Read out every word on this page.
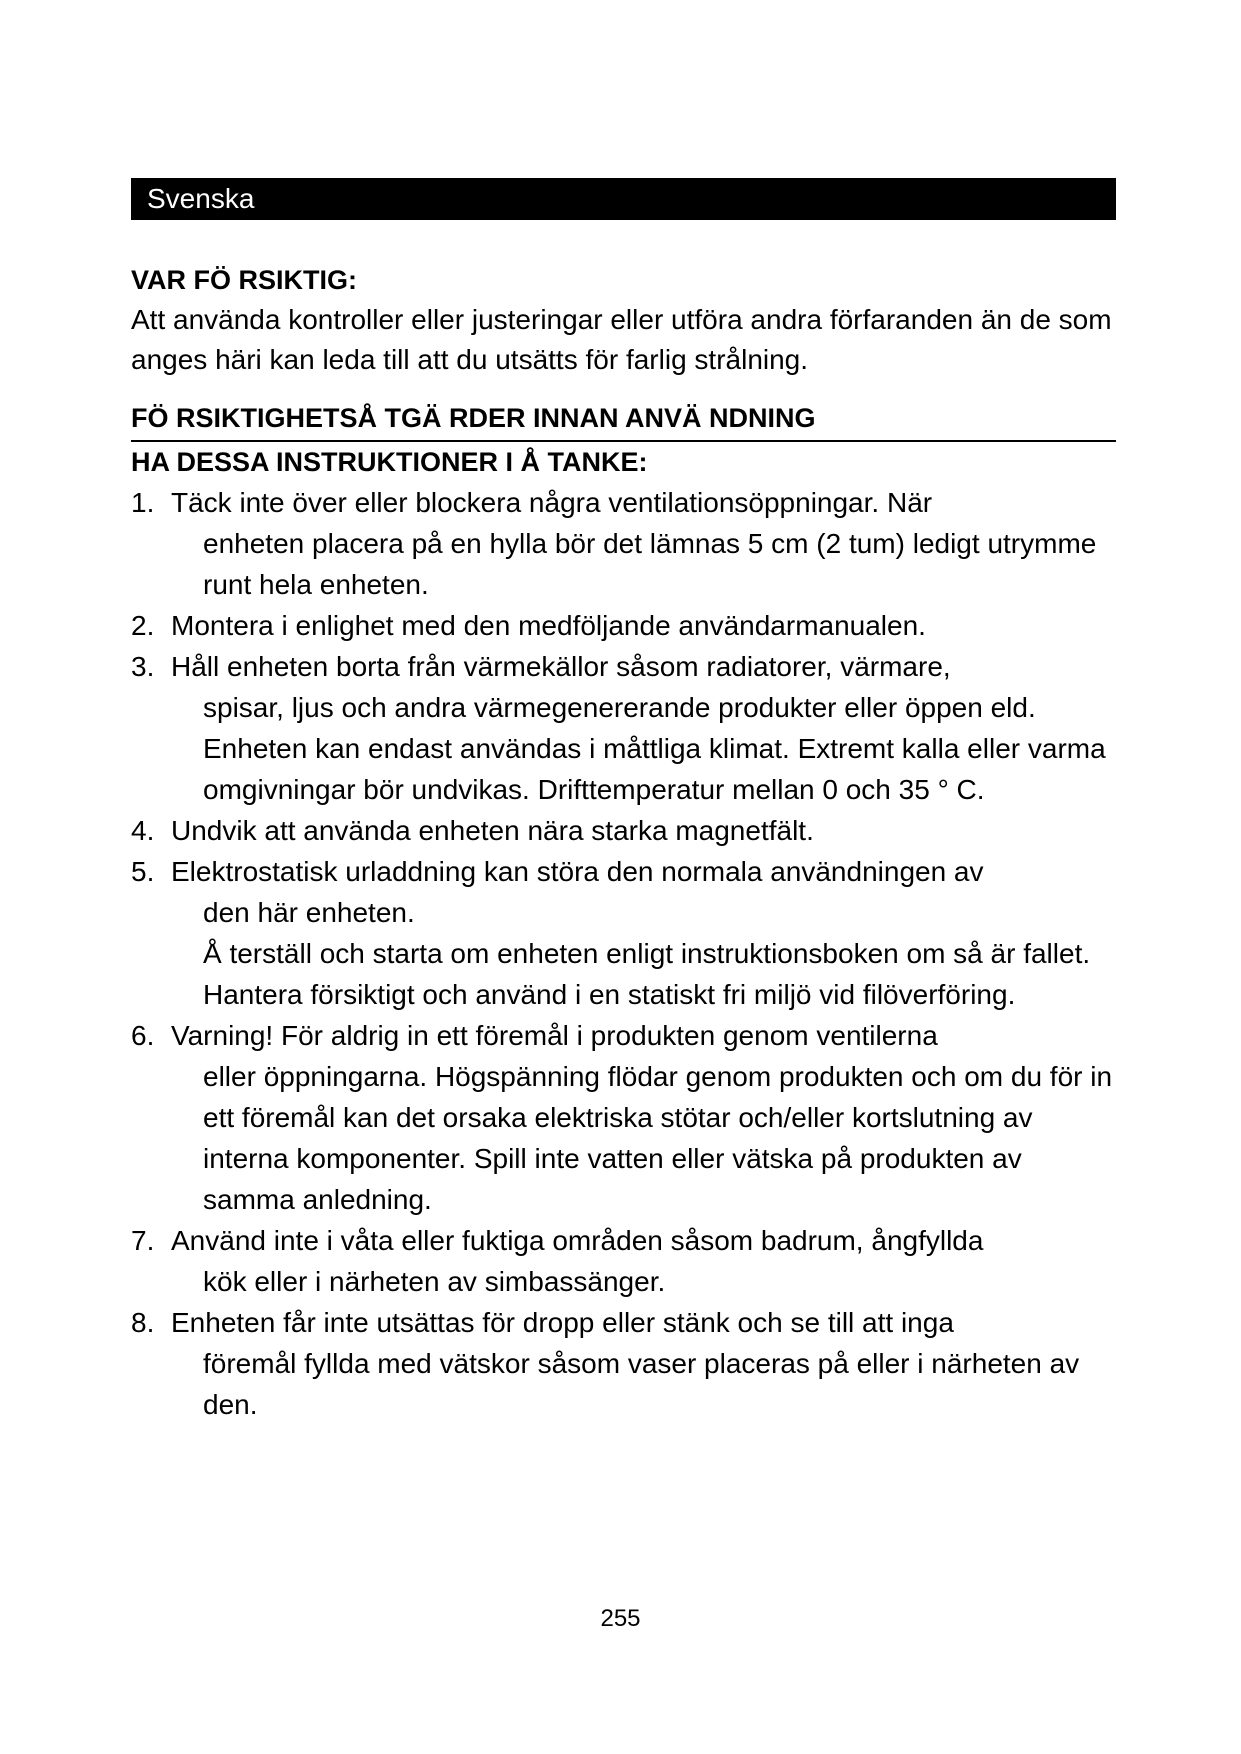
Svenska
VAR FÖ RSIKTIG:

Att använda kontroller eller justeringar eller utföra andra förfaranden än de som anges häri kan leda till att du utsätts för farlig strålning.

FÖ RSIKTIGHETSÅ TGÄ RDER INNAN ANVÄ NDNING
HA DESSA INSTRUKTIONER I Å TANKE:
1. Täck inte över eller blockera några ventilationsöppningar. När
enheten placera på en hylla bör det lämnas 5 cm (2 tum) ledigt utrymme runt hela enheten.
2. Montera i enlighet med den medföljande användarmanualen.
3. Håll enheten borta från värmekällor såsom radiatorer, värmare,
spisar, ljus och andra värmegenererande produkter eller öppen eld. Enheten kan endast användas i måttliga klimat. Extremt kalla eller varma omgivningar bör undvikas. Drifttemperatur mellan 0 och 35 ° C.
4. Undvik att använda enheten nära starka magnetfält.
5. Elektrostatisk urladdning kan störa den normala användningen av
den här enheten.
Å terställ och starta om enheten enligt instruktionsboken om så är fallet. Hantera försiktigt och använd i en statiskt fri miljö vid filöverföring.
6. Varning! För aldrig in ett föremål i produkten genom ventilerna
eller öppningarna. Högspänning flödar genom produkten och om du för in ett föremål kan det orsaka elektriska stötar och/eller kortslutning av interna komponenter. Spill inte vatten eller vätska på produkten av samma anledning.
7. Använd inte i våta eller fuktiga områden såsom badrum, ångfyllda
kök eller i närheten av simbassänger.
8. Enheten får inte utsättas för dropp eller stänk och se till att inga
föremål fyllda med vätskor såsom vaser placeras på eller i närheten av den.
255
